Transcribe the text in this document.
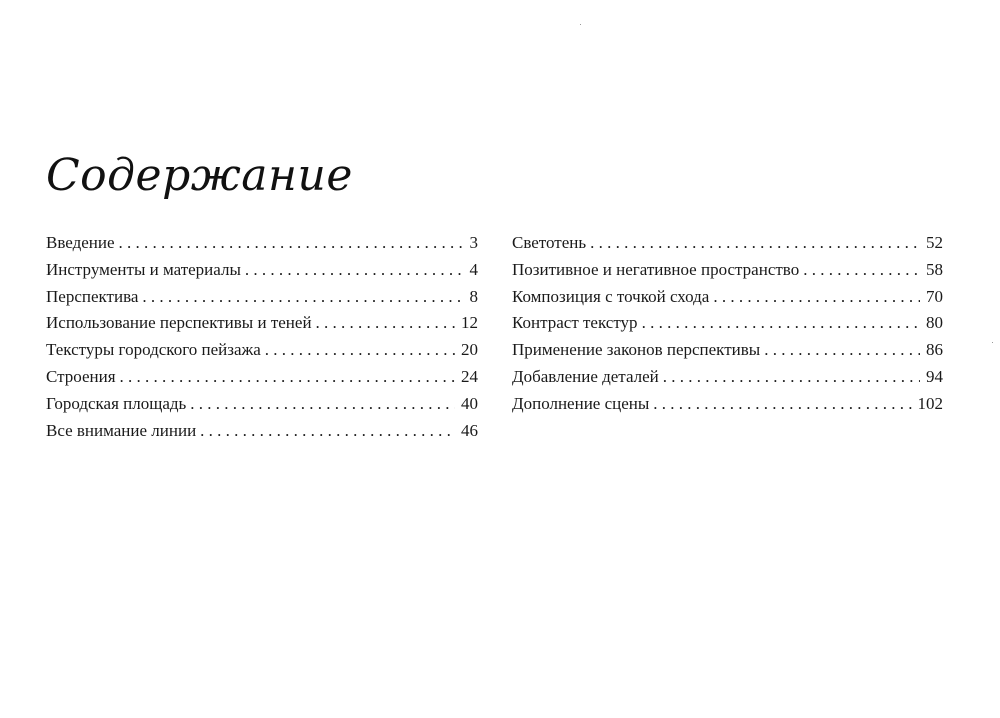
Содержание
Введение . . .	3
Инструменты и материалы . . .	4
Перспектива . . .	8
Использование перспективы и теней . . .	12
Текстуры городского пейзажа . . .	20
Строения . . .	24
Городская площадь . . .	40
Все внимание линии . . .	46
Светотень . . .	52
Позитивное и негативное пространство . . .	58
Композиция с точкой схода . . .	70
Контраст текстур . . .	80
Применение законов перспективы . . .	86
Добавление деталей . . .	94
Дополнение сцены . . .	102
